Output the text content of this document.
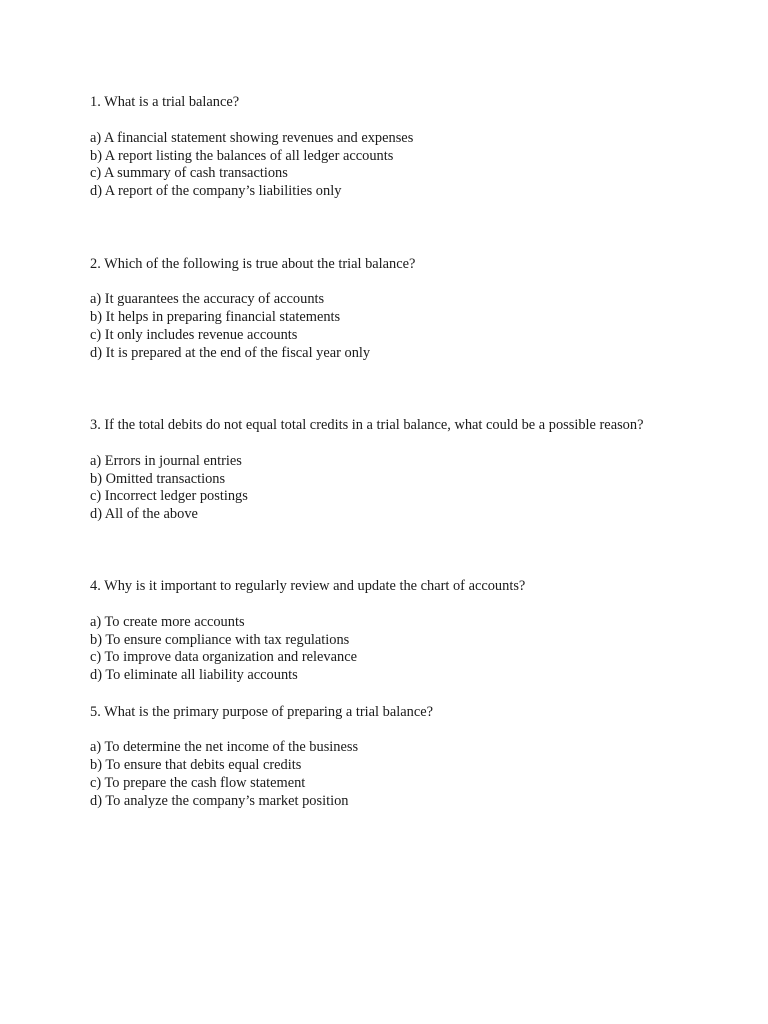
1. What is a trial balance?
a) A financial statement showing revenues and expenses
b) A report listing the balances of all ledger accounts
c) A summary of cash transactions
d) A report of the company’s liabilities only
2. Which of the following is true about the trial balance?
a) It guarantees the accuracy of accounts
b) It helps in preparing financial statements
c) It only includes revenue accounts
d) It is prepared at the end of the fiscal year only
3. If the total debits do not equal total credits in a trial balance, what could be a possible reason?
a) Errors in journal entries
b) Omitted transactions
c) Incorrect ledger postings
d) All of the above
4. Why is it important to regularly review and update the chart of accounts?
a) To create more accounts
b) To ensure compliance with tax regulations
c) To improve data organization and relevance
d) To eliminate all liability accounts
5. What is the primary purpose of preparing a trial balance?
a) To determine the net income of the business
b) To ensure that debits equal credits
c) To prepare the cash flow statement
d) To analyze the company’s market position
